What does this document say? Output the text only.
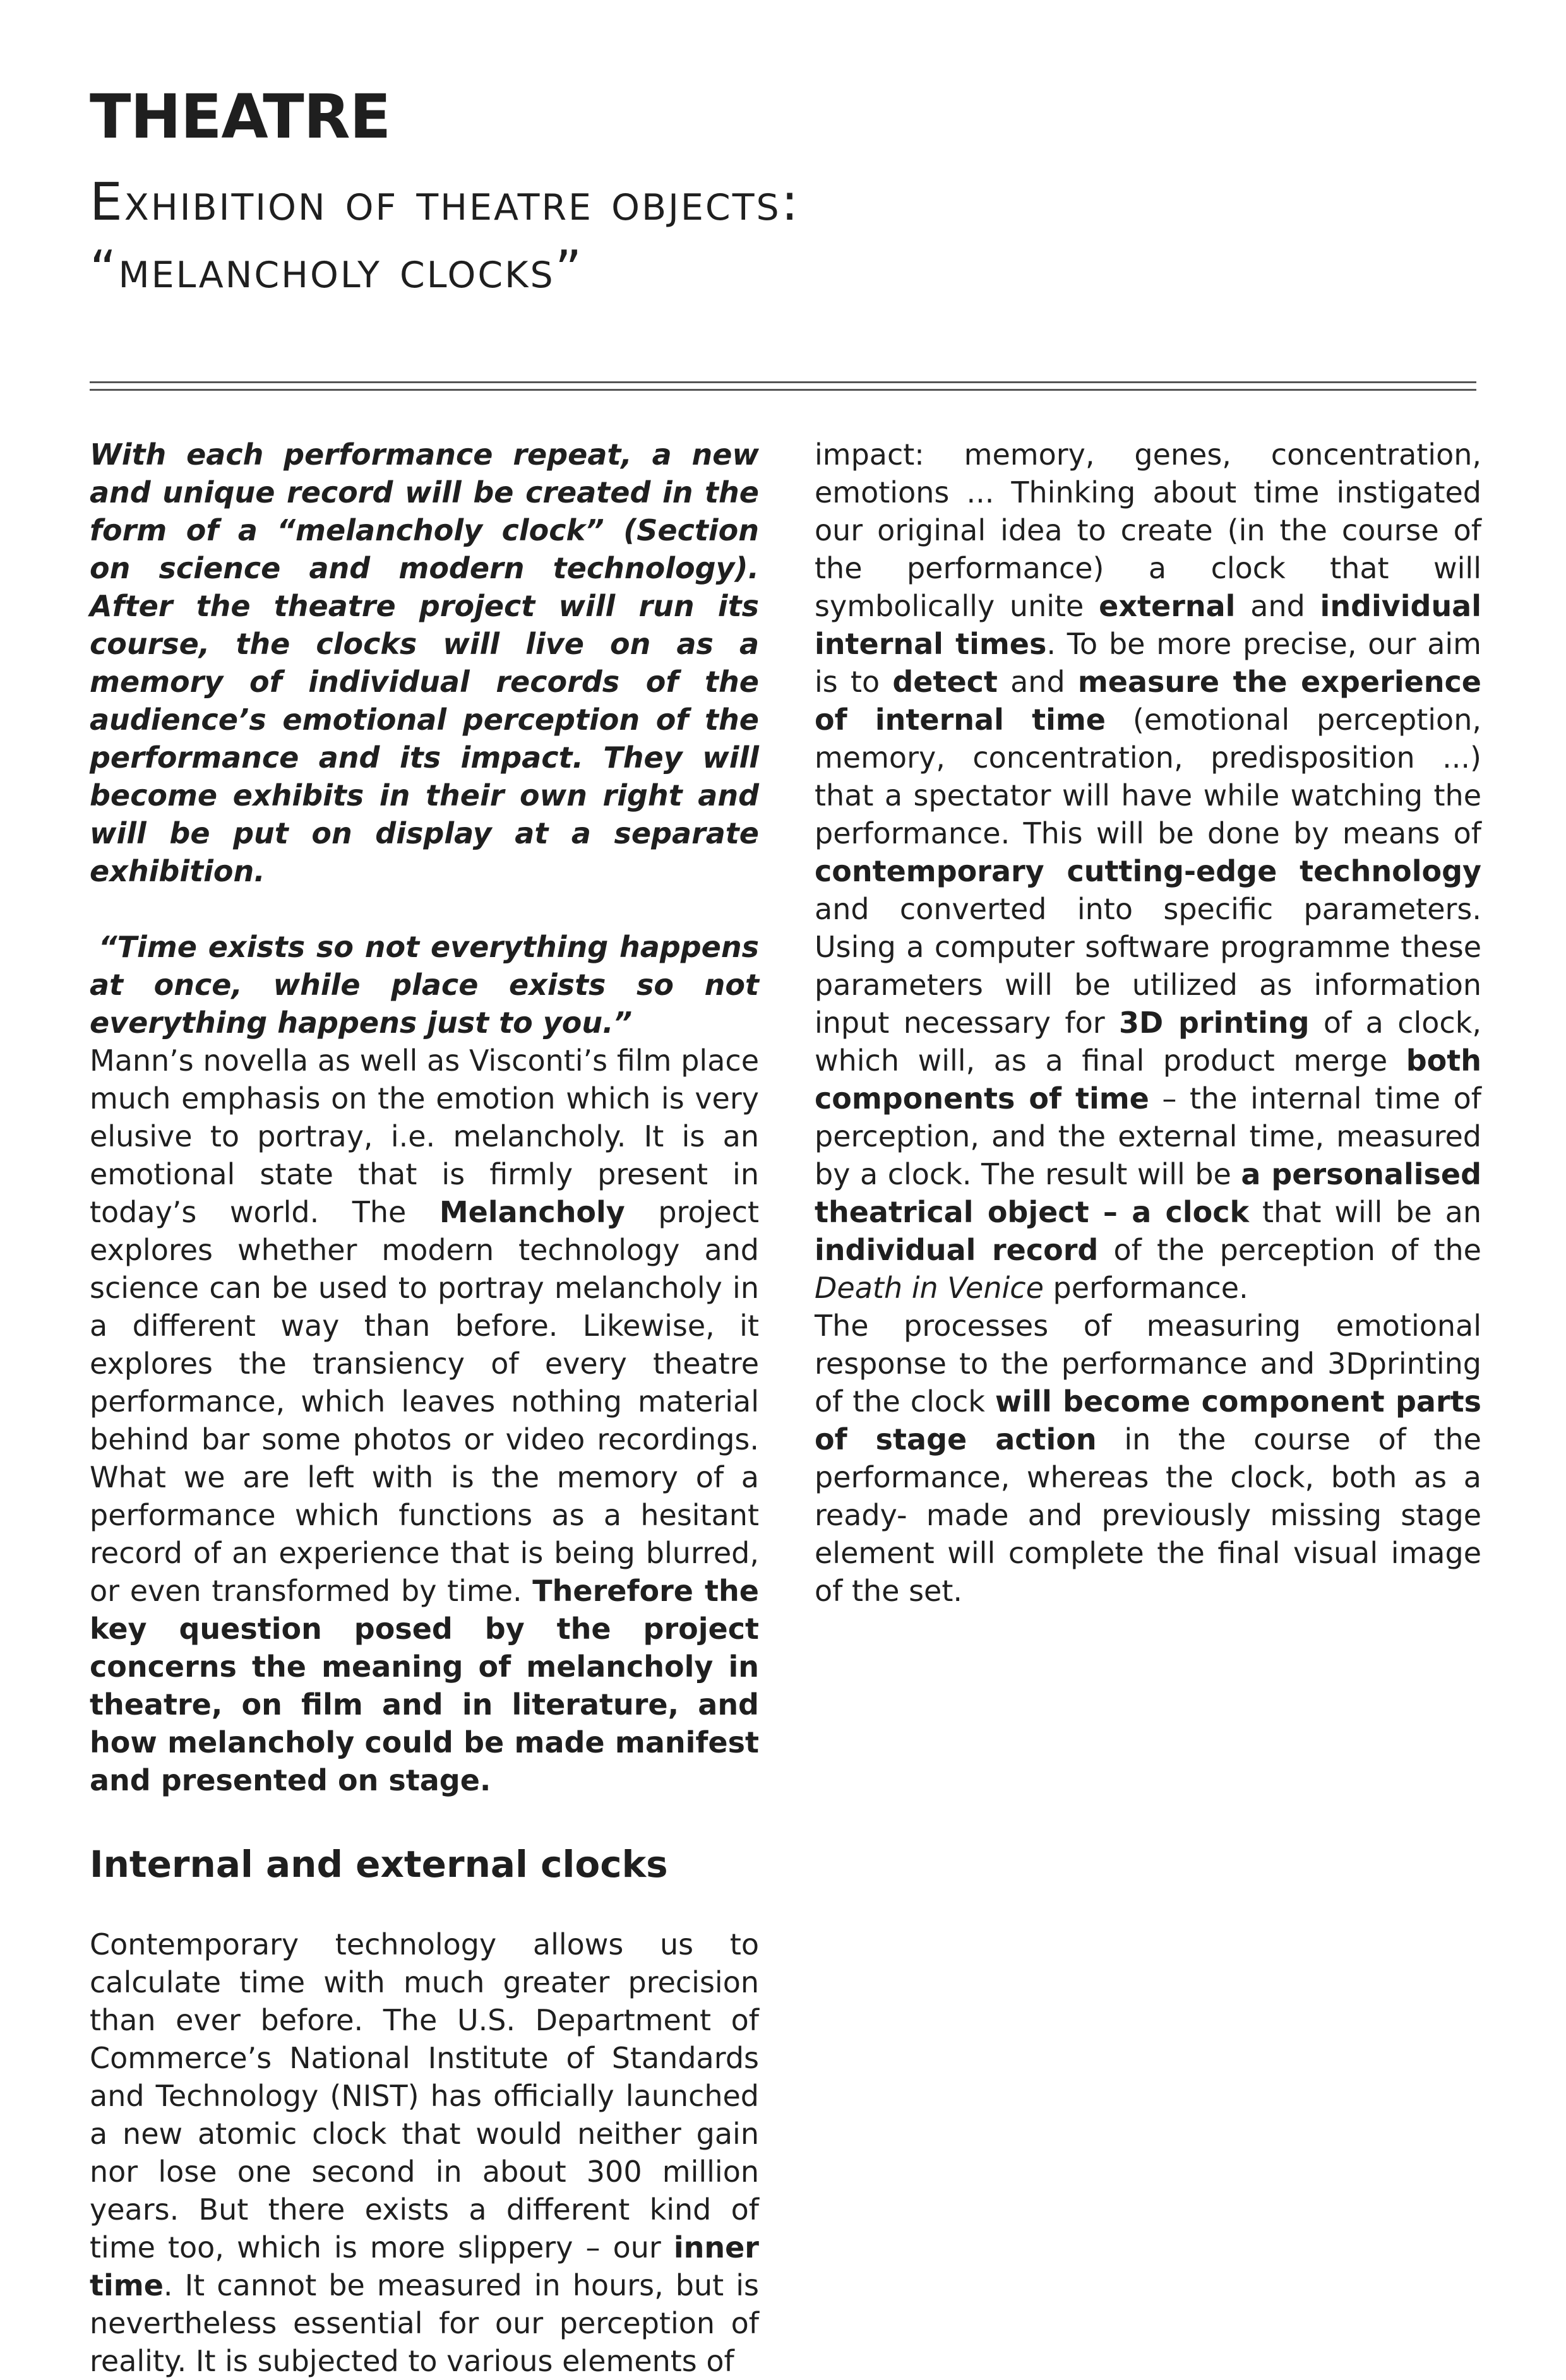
THEATRE
Exhibition of theatre objects:
“melancholy clocks”

With each performance repeat, a new and unique record will be created in the form of a “melancholy clock” (Section on science and modern technology). After the theatre project will run its course, the clocks will live on as a memory of individual records of the audience’s emotional perception of the performance and its impact. They will become exhibits in their own right and will be put on display at a separate exhibition.

“Time exists so not everything happens at once, while place exists so not everything happens just to you.”

Mann’s novella as well as Visconti’s film place much emphasis on the emotion which is very elusive to portray, i.e. melancholy. It is an emotional state that is firmly present in today’s world. The Melancholy project explores whether modern technology and science can be used to portray melancholy in a different way than before. Likewise, it explores the transiency of every theatre performance, which leaves nothing material behind bar some photos or video recordings. What we are left with is the memory of a performance which functions as a hesitant record of an experience that is being blurred, or even transformed by time. Therefore the key question posed by the project concerns the meaning of melancholy in theatre, on film and in literature, and how melancholy could be made manifest and presented on stage.

Internal and external clocks

Contemporary technology allows us to calculate time with much greater precision than ever before. The U.S. Department of Commerce’s National Institute of Standards and Technology (NIST) has officially launched a new atomic clock that would neither gain nor lose one second in about 300 million years. But there exists a different kind of time too, which is more slippery – our inner time. It cannot be measured in hours, but is nevertheless essential for our perception of reality. It is subjected to various elements of

impact: memory, genes, concentration, emotions ... Thinking about time instigated our original idea to create (in the course of the performance) a clock that will symbolically unite external and individual internal times. To be more precise, our aim is to detect and measure the experience of internal time (emotional perception, memory, concentration, predisposition ...) that a spectator will have while watching the performance. This will be done by means of contemporary cutting-edge technology and converted into specific parameters. Using a computer software programme these parameters will be utilized as information input necessary for 3D printing of a clock, which will, as a final product merge both components of time – the internal time of perception, and the external time, measured by a clock. The result will be a personalised theatrical object – a clock that will be an individual record of the perception of the Death in Venice performance.

The processes of measuring emotional response to the performance and 3Dprinting of the clock will become component parts of stage action in the course of the performance, whereas the clock, both as a ready- made and previously missing stage element will complete the final visual image of the set.
